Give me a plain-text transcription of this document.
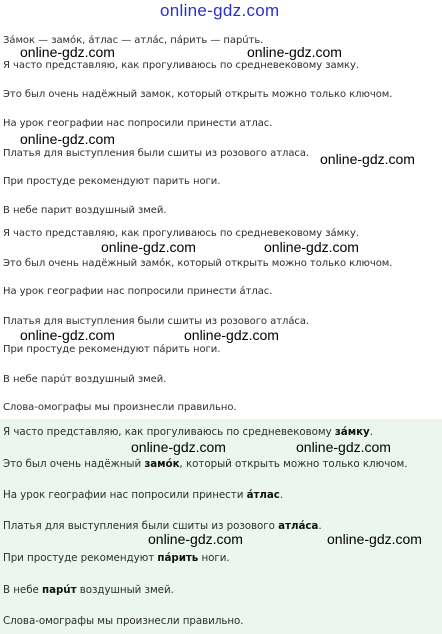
online-gdz.com
Зáмок — замóк, áтлас — атлáс, пáрить — парúть.
Я часто представляю, как прогуливаюсь по средневековому замку.
Это был очень надёжный замок, который открыть можно только ключом.
На урок географии нас попросили принести атлас.
Платья для выступления были сшиты из розового атласа.
При простуде рекомендуют парить ноги.
В небе парит воздушный змей.
Я часто представляю, как прогуливаюсь по средневековому зáмку.
Это был очень надёжный замóк, который открыть можно только ключом.
На урок географии нас попросили принести áтлас.
Платья для выступления были сшиты из розового атлáса.
При простуде рекомендуют пáрить ноги.
В небе парúт воздушный змей.
Слова-омографы мы произнесли правильно.
Я часто представляю, как прогуливаюсь по средневековому зáмку.
Это был очень надёжный замóк, который открыть можно только ключом.
На урок географии нас попросили принести áтлас.
Платья для выступления были сшиты из розового атлáса.
При простуде рекомендуют пáрить ноги.
В небе парúт воздушный змей.
Слова-омографы мы произнесли правильно.
online-gdz.com	online-gdz.com
online-gdz.com
online-gdz.com
online-gdz.com	online-gdz.com
online-gdz.com	online-gdz.com
online-gdz.com	online-gdz.com
online-gdz.com	online-gdz.com
